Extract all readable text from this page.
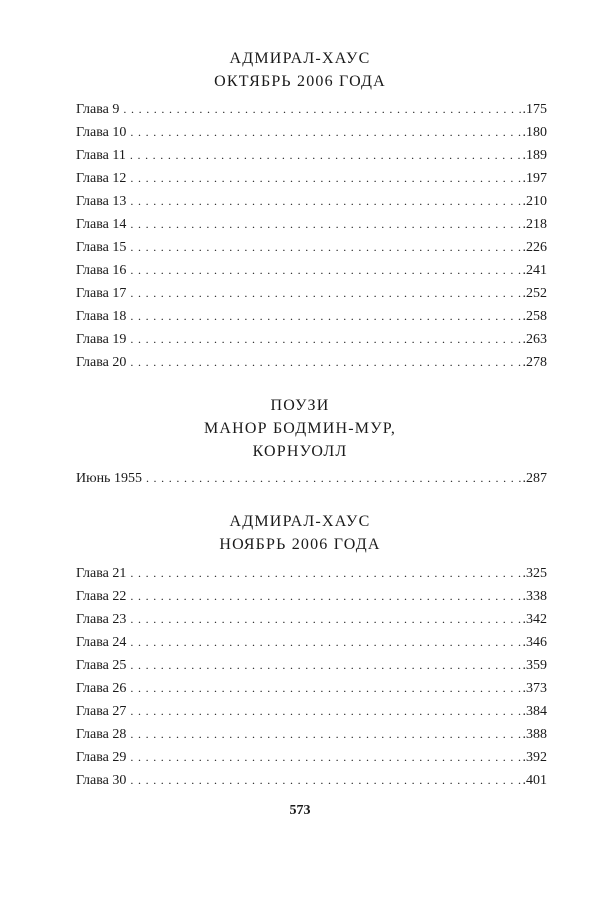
АДМИРАЛ-ХАУС

ОКТЯБРЬ 2006 ГОДА

Глава 9 . . .	.175
Глава 10 . . .	.180
Глава 11 . . .	.189
Глава 12 . . .	.197
Глава 13 . . .	.210
Глава 14 . . .	.218
Глава 15 . . .	.226
Глава 16 . . .	.241
Глава 17 . . .	.252
Глава 18 . . .	.258
Глава 19 . . .	.263
Глава 20 . . .	.278

ПОУЗИ

МАНОР БОДМИН-МУР,

КОРНУОЛЛ

Июнь 1955 . . .	.287

АДМИРАЛ-ХАУС

НОЯБРЬ 2006 ГОДА

Глава 21 . . .	.325
Глава 22 . . .	.338
Глава 23 . . .	.342
Глава 24 . . .	.346
Глава 25 . . .	.359
Глава 26 . . .	.373
Глава 27 . . .	.384
Глава 28 . . .	.388
Глава 29 . . .	.392
Глава 30 . . .	.401
573
